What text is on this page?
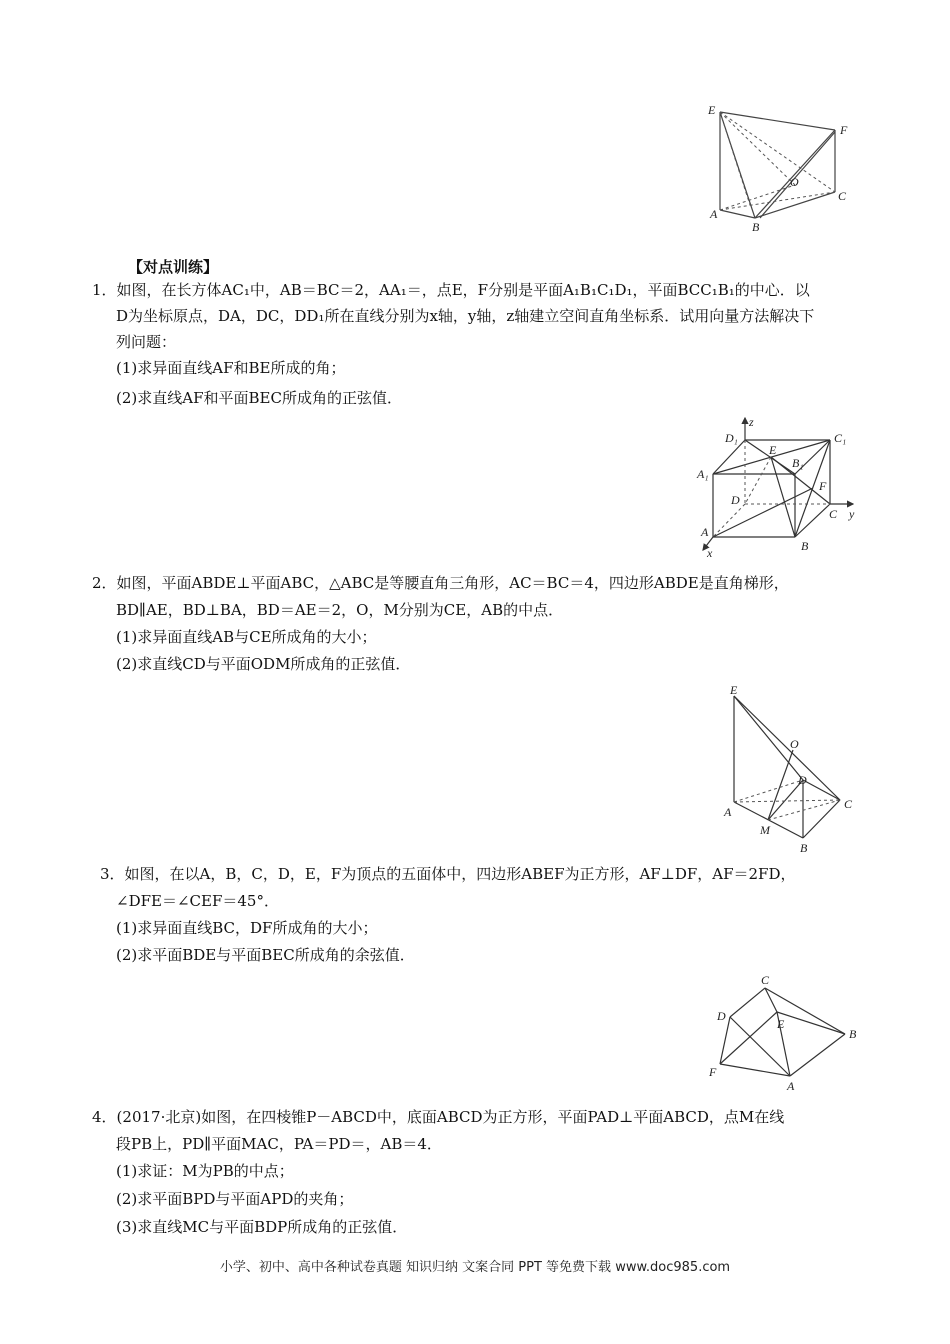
E
F
O
C
A
B
【对点训练】
1．如图，在长方体AC₁中，AB＝BC＝2，AA₁＝，点E，F分别是平面A₁B₁C₁D₁，平面BCC₁B₁的中心．以
D为坐标原点，DA，DC，DD₁所在直线分别为x轴，y轴，z轴建立空间直角坐标系．试用向量方法解决下
列问题：
(1)求异面直线AF和BE所成的角；
(2)求直线AF和平面BEC所成角的正弦值．
z
D₁	C₁
E
B₁
A₁
D
F
C y
A
B
x
2．如图，平面ABDE⊥平面ABC，△ABC是等腰直角三角形，AC＝BC＝4，四边形ABDE是直角梯形，
BD∥AE，BD⊥BA，BD＝AE＝2，O，M分别为CE，AB的中点．
(1)求异面直线AB与CE所成角的大小；
(2)求直线CD与平面ODM所成角的正弦值．
E
O
D
C
A
M
B
3．如图，在以A，B，C，D，E，F为顶点的五面体中，四边形ABEF为正方形，AF⊥DF，AF＝2FD，
∠DFE＝∠CEF＝45°．
(1)求异面直线BC，DF所成角的大小；
(2)求平面BDE与平面BEC所成角的余弦值．
C
D
E
B
F
A
4．(2017·北京)如图，在四棱锥P－ABCD中，底面ABCD为正方形，平面PAD⊥平面ABCD，点M在线
段PB上，PD∥平面MAC，PA＝PD＝，AB＝4．
(1)求证：M为PB的中点；
(2)求平面BPD与平面APD的夹角；
(3)求直线MC与平面BDP所成角的正弦值．
小学、初中、高中各种试卷真题 知识归纳 文案合同 PPT 等免费下载 www.doc985.com
